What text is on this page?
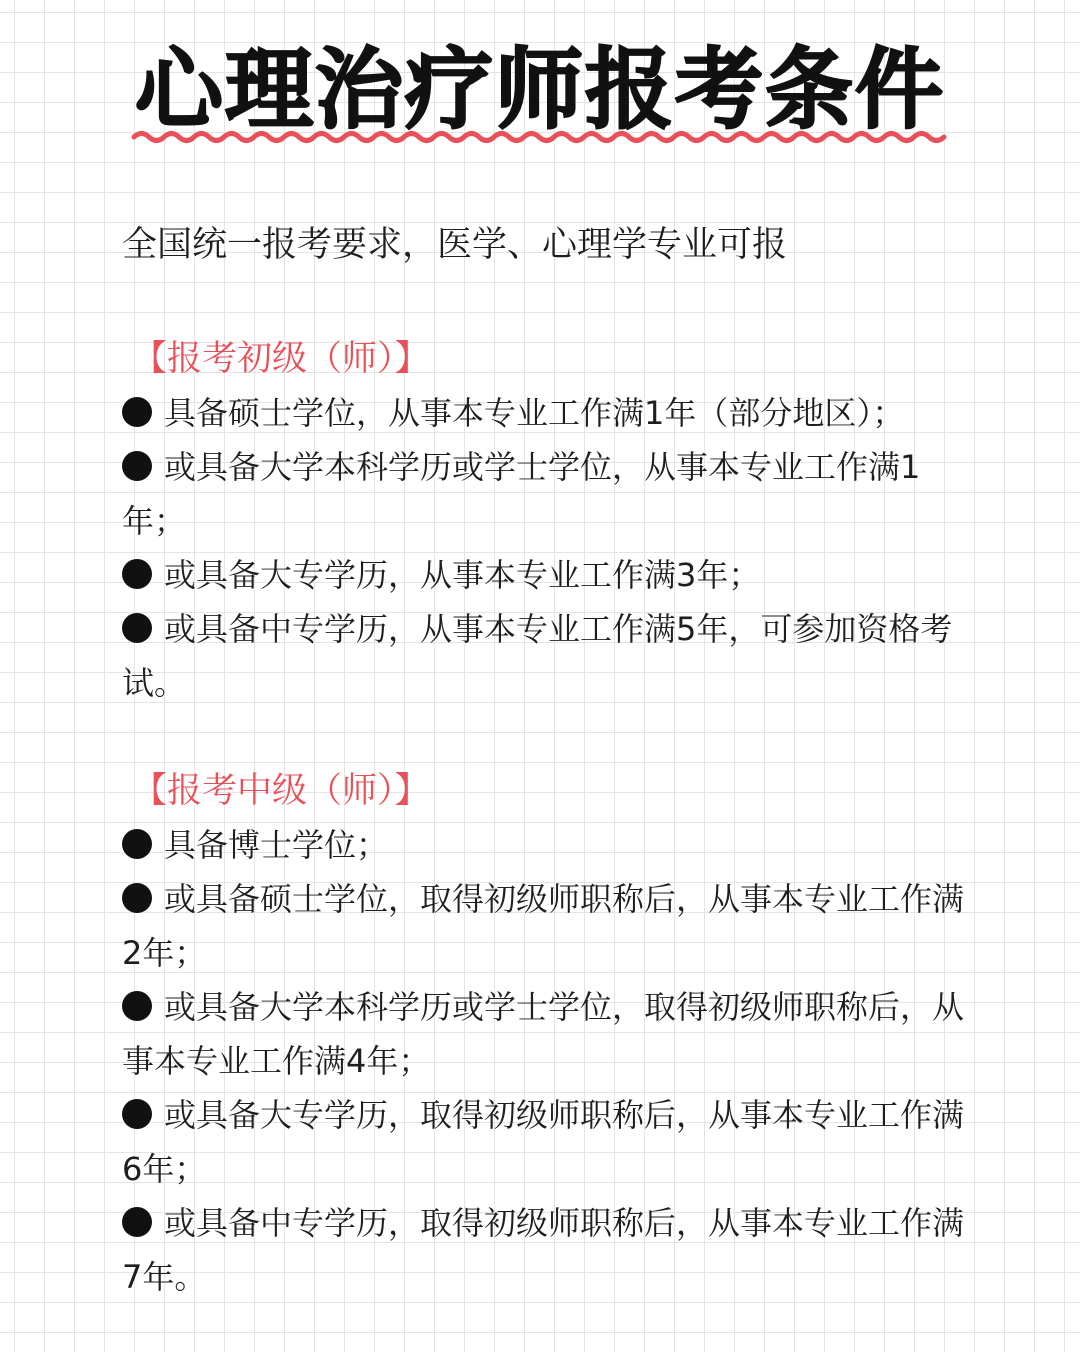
心理治疗师报考条件

全国统一报考要求，医学、心理学专业可报

【报考初级（师）】

具备硕士学位，从事本专业工作满1年（部分地区）；
或具备大学本科学历或学士学位，从事本专业工作满1年；
或具备大专学历，从事本专业工作满3年；
或具备中专学历，从事本专业工作满5年，可参加资格考试。

【报考中级（师）】

具备博士学位；
或具备硕士学位，取得初级师职称后，从事本专业工作满2年；
或具备大学本科学历或学士学位，取得初级师职称后，从事本专业工作满4年；
或具备大专学历，取得初级师职称后，从事本专业工作满6年；
或具备中专学历，取得初级师职称后，从事本专业工作满7年。
